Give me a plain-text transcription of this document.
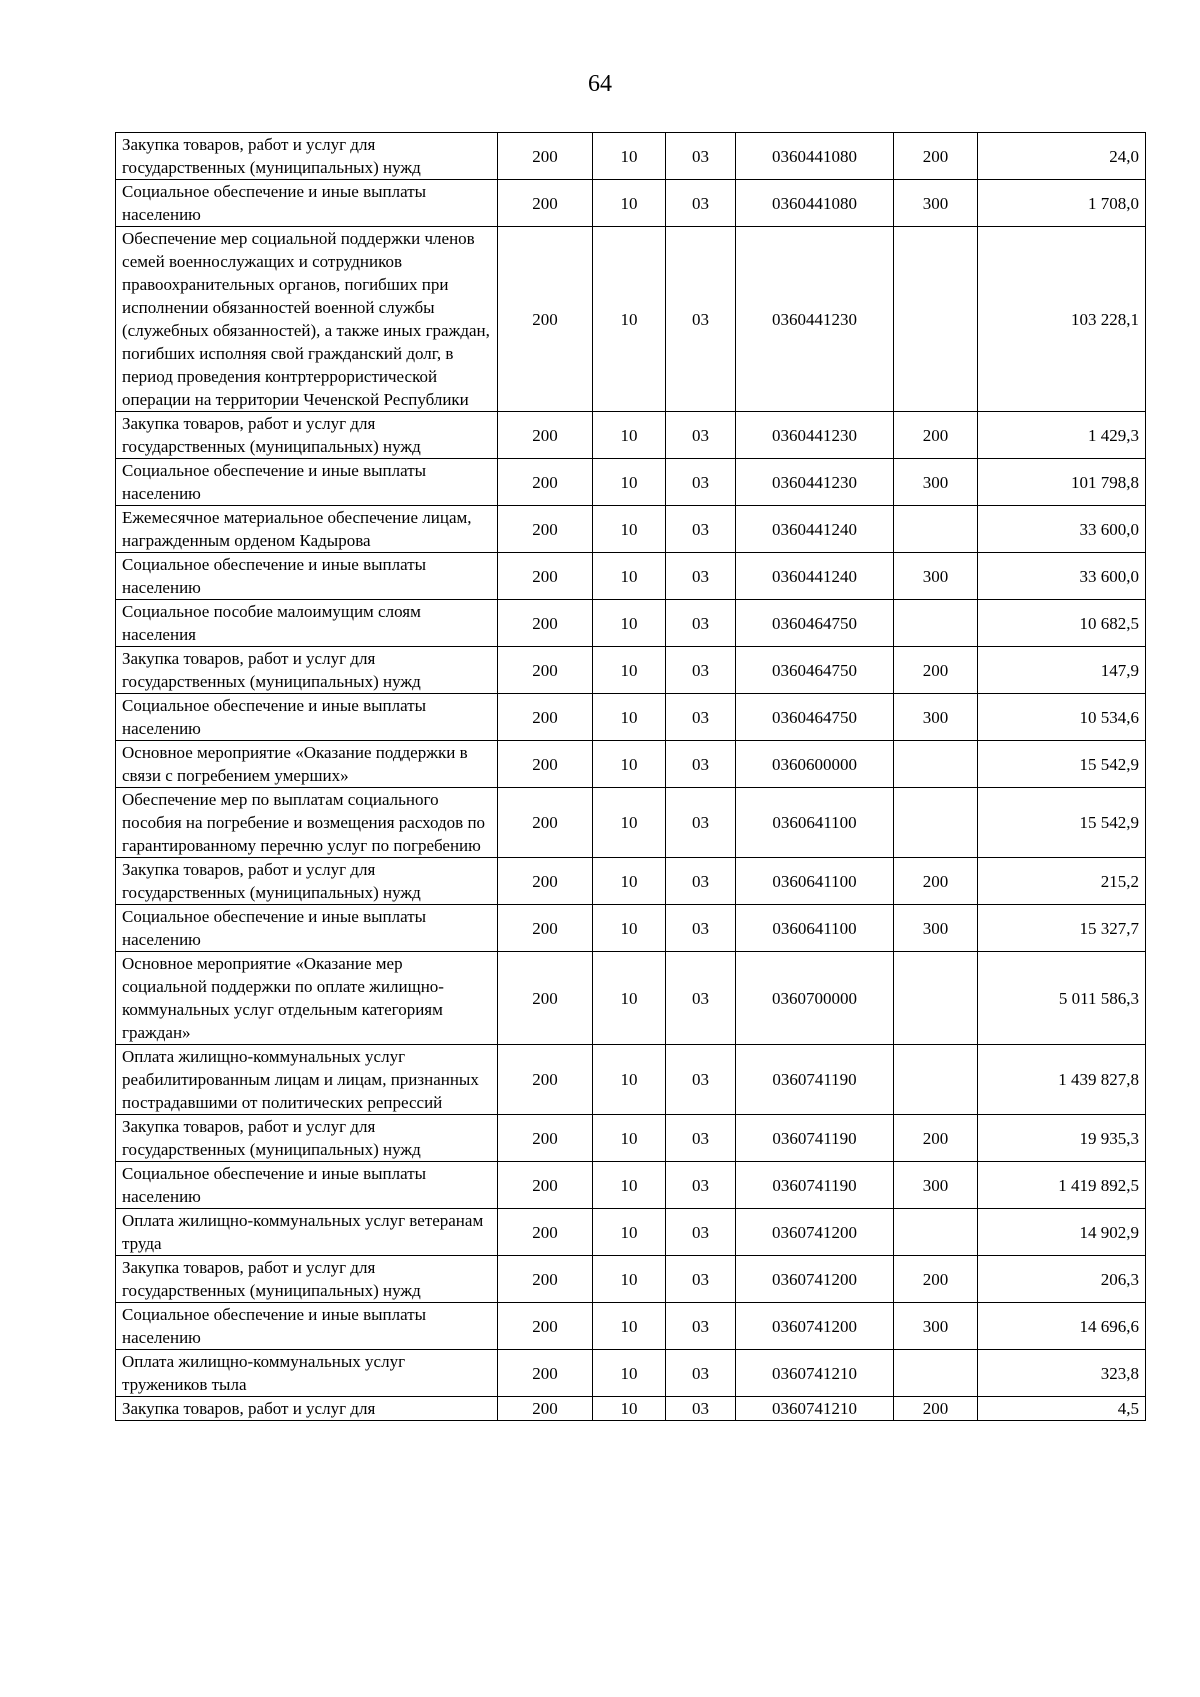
64
Закупка товаров, работ и услуг для государственных (муниципальных) нужд	200	10	03	0360441080	200	24,0
Социальное обеспечение и иные выплаты населению	200	10	03	0360441080	300	1 708,0
Обеспечение мер социальной поддержки членов семей военнослужащих и сотрудников правоохранительных органов, погибших при исполнении обязанностей военной службы (служебных обязанностей), а также иных граждан, погибших исполняя свой гражданский долг, в период проведения контртеррористической операции на территории Чеченской Республики	200	10	03	0360441230		103 228,1
Закупка товаров, работ и услуг для государственных (муниципальных) нужд	200	10	03	0360441230	200	1 429,3
Социальное обеспечение и иные выплаты населению	200	10	03	0360441230	300	101 798,8
Ежемесячное материальное обеспечение лицам, награжденным орденом Кадырова	200	10	03	0360441240		33 600,0
Социальное обеспечение и иные выплаты населению	200	10	03	0360441240	300	33 600,0
Социальное пособие малоимущим слоям населения	200	10	03	0360464750		10 682,5
Закупка товаров, работ и услуг для государственных (муниципальных) нужд	200	10	03	0360464750	200	147,9
Социальное обеспечение и иные выплаты населению	200	10	03	0360464750	300	10 534,6
Основное мероприятие «Оказание поддержки в связи с погребением умерших»	200	10	03	0360600000		15 542,9
Обеспечение мер по выплатам социального пособия на погребение и возмещения расходов по гарантированному перечню услуг по погребению	200	10	03	0360641100		15 542,9
Закупка товаров, работ и услуг для государственных (муниципальных) нужд	200	10	03	0360641100	200	215,2
Социальное обеспечение и иные выплаты населению	200	10	03	0360641100	300	15 327,7
Основное мероприятие «Оказание мер социальной поддержки по оплате жилищно-коммунальных услуг отдельным категориям граждан»	200	10	03	0360700000		5 011 586,3
Оплата жилищно-коммунальных услуг реабилитированным лицам и лицам, признанных пострадавшими от политических репрессий	200	10	03	0360741190		1 439 827,8
Закупка товаров, работ и услуг для государственных (муниципальных) нужд	200	10	03	0360741190	200	19 935,3
Социальное обеспечение и иные выплаты населению	200	10	03	0360741190	300	1 419 892,5
Оплата жилищно-коммунальных услуг ветеранам труда	200	10	03	0360741200		14 902,9
Закупка товаров, работ и услуг для государственных (муниципальных) нужд	200	10	03	0360741200	200	206,3
Социальное обеспечение и иные выплаты населению	200	10	03	0360741200	300	14 696,6
Оплата жилищно-коммунальных услуг тружеников тыла	200	10	03	0360741210		323,8
Закупка товаров, работ и услуг для	200	10	03	0360741210	200	4,5
